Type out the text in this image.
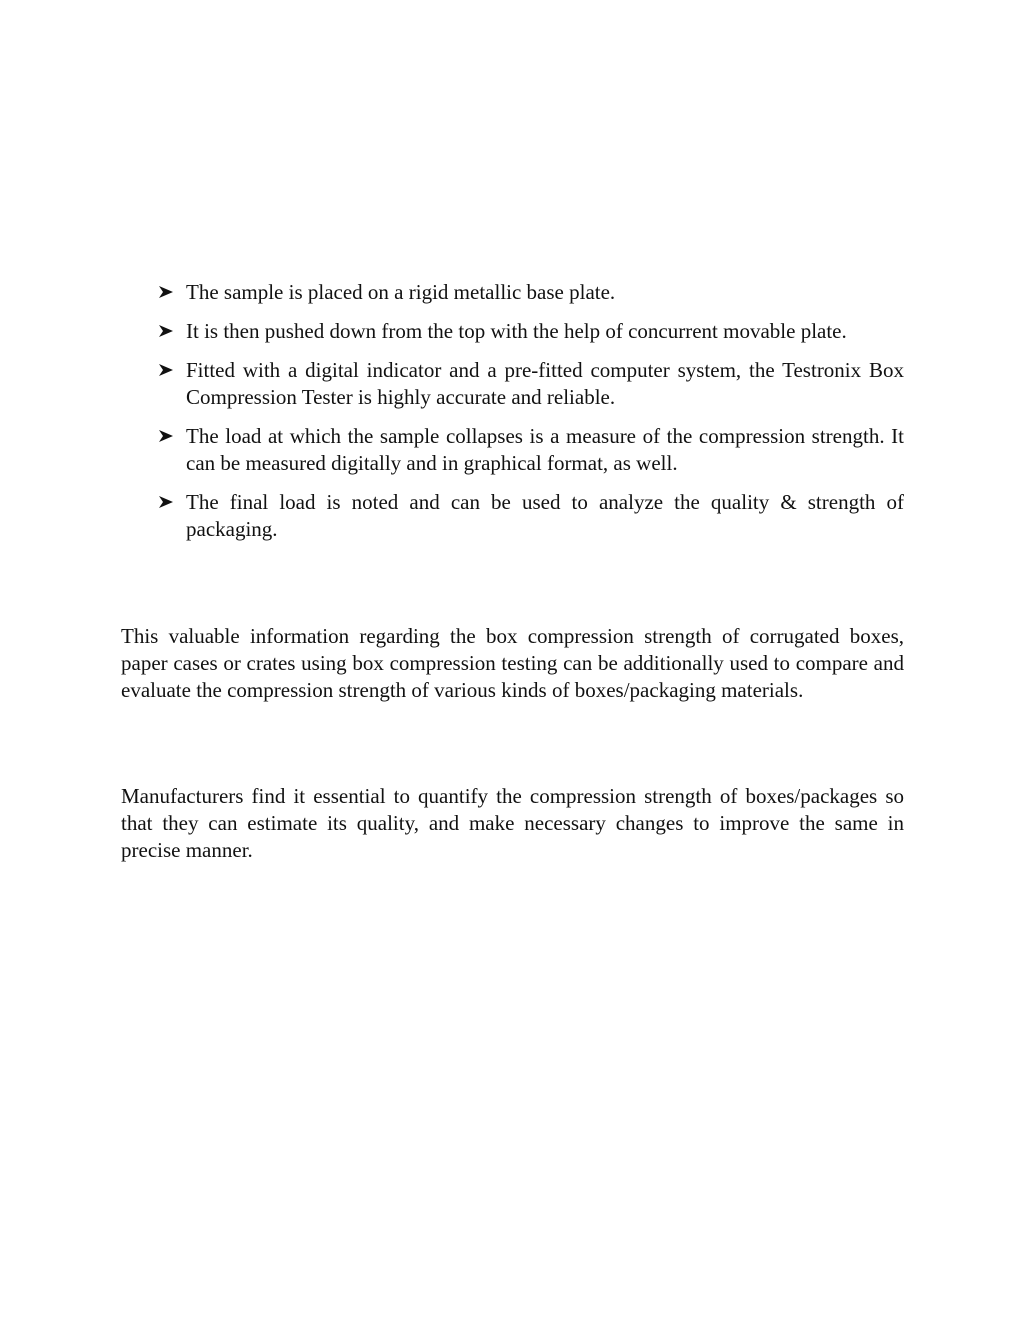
The sample is placed on a rigid metallic base plate.
It is then pushed down from the top with the help of concurrent movable plate.
Fitted with a digital indicator and a pre-fitted computer system, the Testronix Box Compression Tester is highly accurate and reliable.
The load at which the sample collapses is a measure of the compression strength. It can be measured digitally and in graphical format, as well.
The final load is noted and can be used to analyze the quality & strength of packaging.

This valuable information regarding the box compression strength of corrugated boxes, paper cases or crates using box compression testing can be additionally used to compare and evaluate the compression strength of various kinds of boxes/packaging materials.

Manufacturers find it essential to quantify the compression strength of boxes/packages so that they can estimate its quality, and make necessary changes to improve the same in precise manner.
